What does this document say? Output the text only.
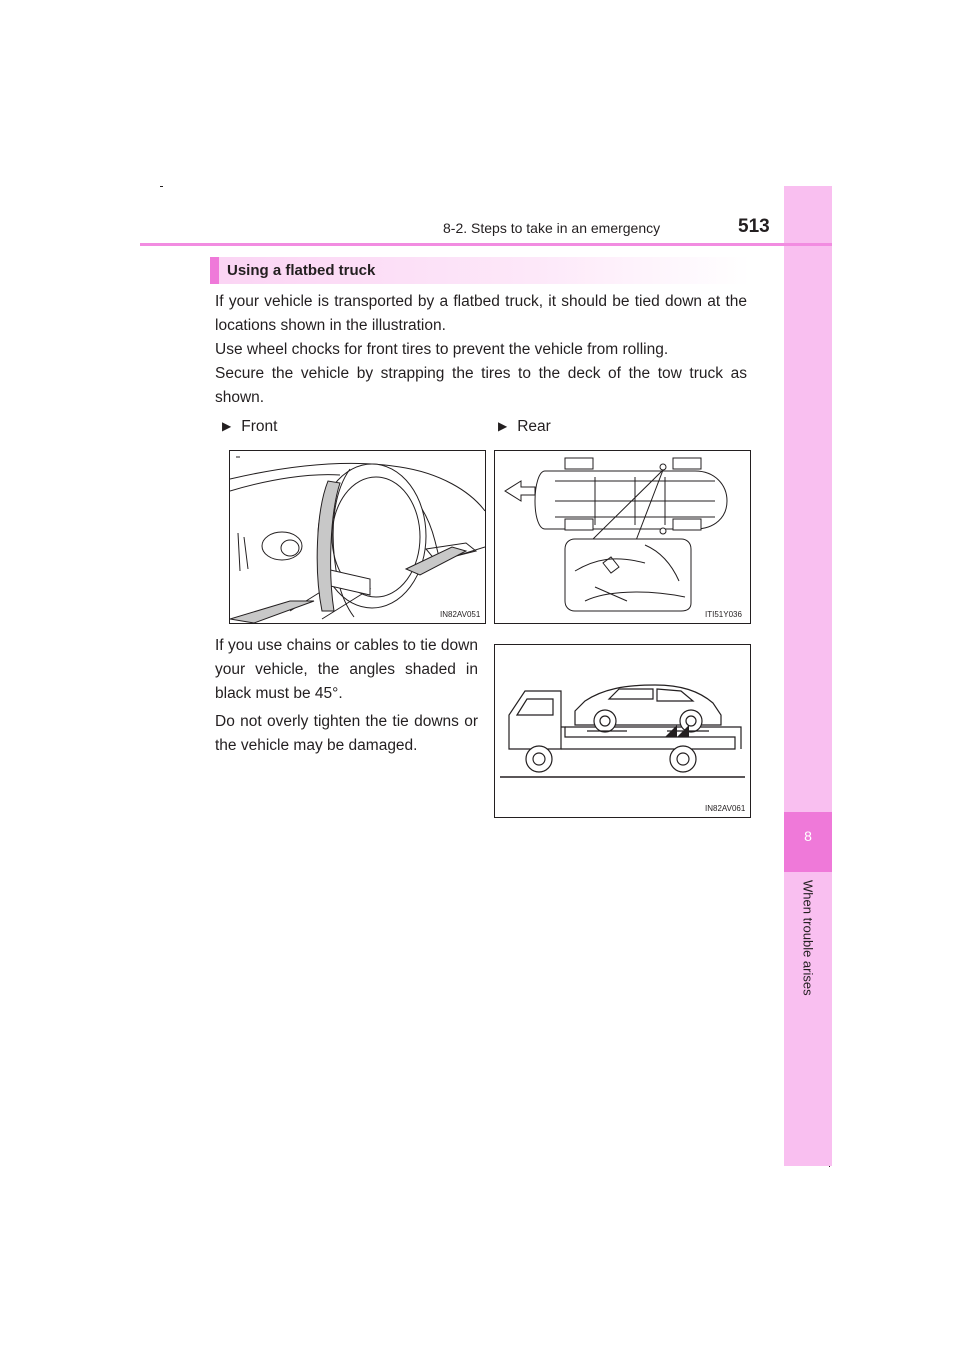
8
When trouble arises
8-2. Steps to take in an emergency	513
Using a flatbed truck
If your vehicle is transported by a flatbed truck, it should be tied down at the locations shown in the illustration.
Use wheel chocks for front tires to prevent the vehicle from rolling.
Secure the vehicle by strapping the tires to the deck of the tow truck as shown.
▶ Front	▶ Rear
IN82AV051	ITI51Y036
If you use chains or cables to tie down your vehicle, the angles shaded in black must be 45°.
Do not overly tighten the tie downs or the vehicle may be damaged.
IN82AV061
